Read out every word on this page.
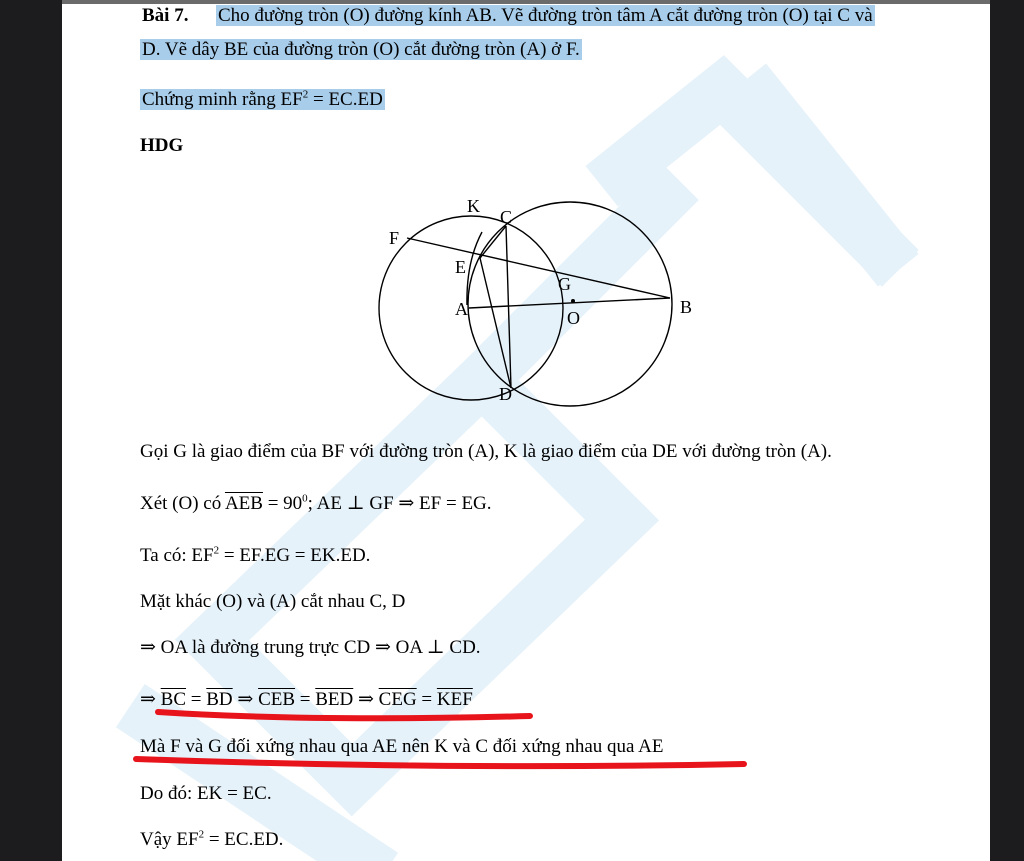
Bài 7. Cho đường tròn (O) đường kính AB. Vẽ đường tròn tâm A cắt đường tròn (O) tại C và
D. Vẽ dây BE của đường tròn (O) cắt đường tròn (A) ở F.
Chứng minh rằng $EF^2 = EC.ED$
HDG
K
C
F
E
G
A	O
B
D
Gọi G là giao điểm của BF với đường tròn (A), K là giao điểm của DE với đường tròn (A).
Xét (O) có $\overline{AEB} = 90^0$; AE ⊥ GF ⇒ EF = EG.
Ta có: $EF^2 = EF.EG = EK.ED$.
Mặt khác (O) và (A) cắt nhau C, D
⇒ OA là đường trung trực CD ⇒ OA ⊥ CD.
⇒ $\overline{BC} = \overline{BD}$ ⇒ $\overline{CEB} = \overline{BED}$ ⇒ $\overline{CEG} = \overline{KEF}$
Mà F và G đối xứng nhau qua AE nên K và C đối xứng nhau qua AE
Do đó: EK = EC.
Vậy $EF^2 = EC.ED$.
